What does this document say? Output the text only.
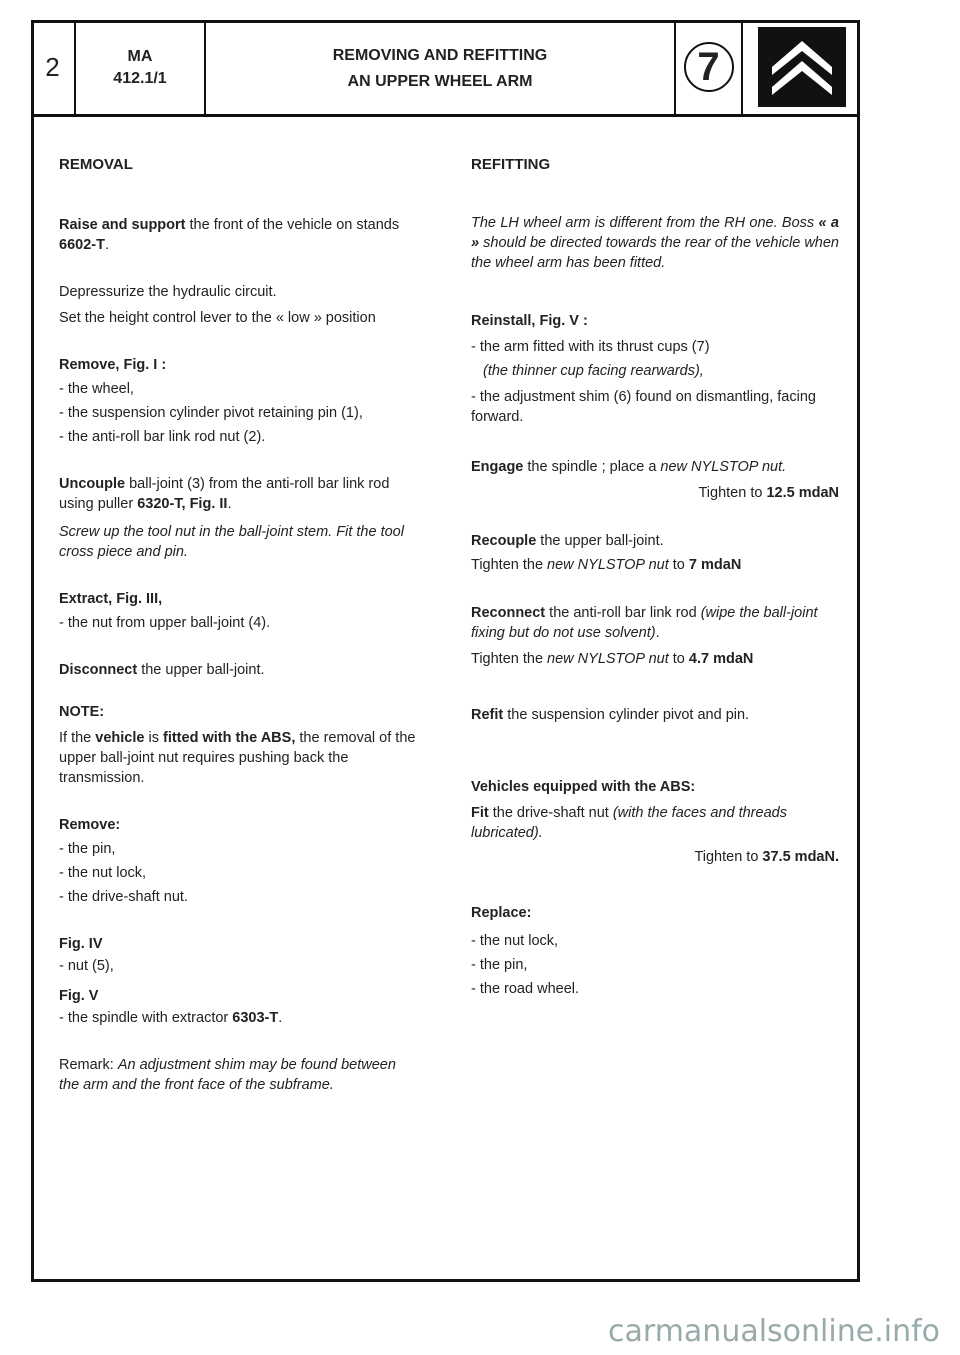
2	MA
412.1/1
REMOVING AND REFITTING
AN UPPER WHEEL ARM	7

REMOVAL

Raise and support the front of the vehicle on stands 6602-T.

Depressurize the hydraulic circuit.

Set the height control lever to the « low » position

Remove, Fig. I :

- the wheel,

- the suspension cylinder pivot retaining pin (1),

- the anti-roll bar link rod nut (2).

Uncouple ball-joint (3) from the anti-roll bar link rod using puller 6320-T, Fig. II.

Screw up the tool nut in the ball-joint stem. Fit the tool cross piece and pin.

Extract, Fig. III,

- the nut from upper ball-joint (4).

Disconnect the upper ball-joint.

NOTE:

If the vehicle is fitted with the ABS, the removal of the upper ball-joint nut requires pushing back the transmission.

Remove:

- the pin,

- the nut lock,

- the drive-shaft nut.

Fig. IV

- nut (5),

Fig. V

- the spindle with extractor 6303-T.

Remark: An adjustment shim may be found between the arm and the front face of the subframe.

REFITTING

The LH wheel arm is different from the RH one. Boss « a » should be directed towards the rear of the vehicle when the wheel arm has been fitted.

Reinstall, Fig. V :

- the arm fitted with its thrust cups (7)

(the thinner cup facing rearwards),

- the adjustment shim (6) found on dismantling, facing forward.

Engage the spindle ; place a new NYLSTOP nut.

Tighten to 12.5 mdaN

Recouple the upper ball-joint.

Tighten the new NYLSTOP nut to 7 mdaN

Reconnect the anti-roll bar link rod (wipe the ball-joint fixing but do not use solvent).

Tighten the new NYLSTOP nut to 4.7 mdaN

Refit the suspension cylinder pivot and pin.

Vehicles equipped with the ABS:

Fit the drive-shaft nut (with the faces and threads lubricated).

Tighten to 37.5 mdaN.

Replace:

- the nut lock,

- the pin,

- the road wheel.

carmanualsonline.info
